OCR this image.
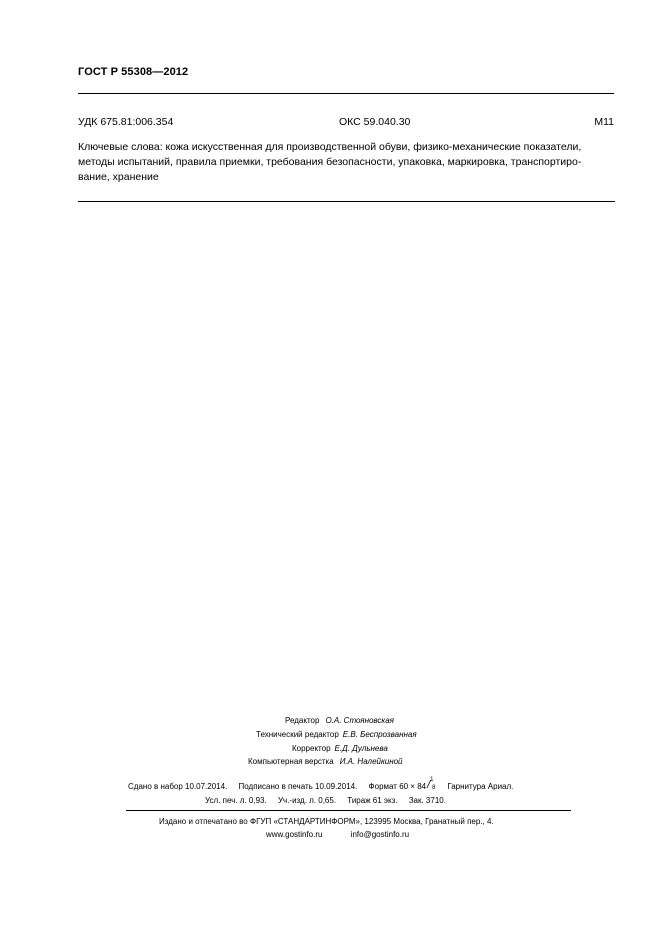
ГОСТ Р 55308—2012
УДК 675.81:006.354	ОКС 59.040.30	М11
Ключевые слова: кожа искусственная для производственной обуви, физико-механические показатели,
методы испытаний, правила приемки, требования безопасности, упаковка, маркировка, транспортиро-
вание, хранение
Редактор О.А. Стояновская
Технический редактор Е.В. Беспрозванная
Корректор Е.Д. Дульнева
Компьютерная верстка И.А. Налейкиной
Сдано в набор 10.07.2014. Подписано в печать 10.09.2014. Формат 60 × 84
1
/ 8 Гарнитура Ариал.
Усл. печ. л. 0,93. Уч.-изд. л. 0,65. Тираж 61 экз. Зак. 3710.
Издано и отпечатано во ФГУП «СТАНДАРТИНФОРМ», 123995 Москва, Гранатный пер., 4.
www.gostinfo.ru	info@gostinfo.ru
